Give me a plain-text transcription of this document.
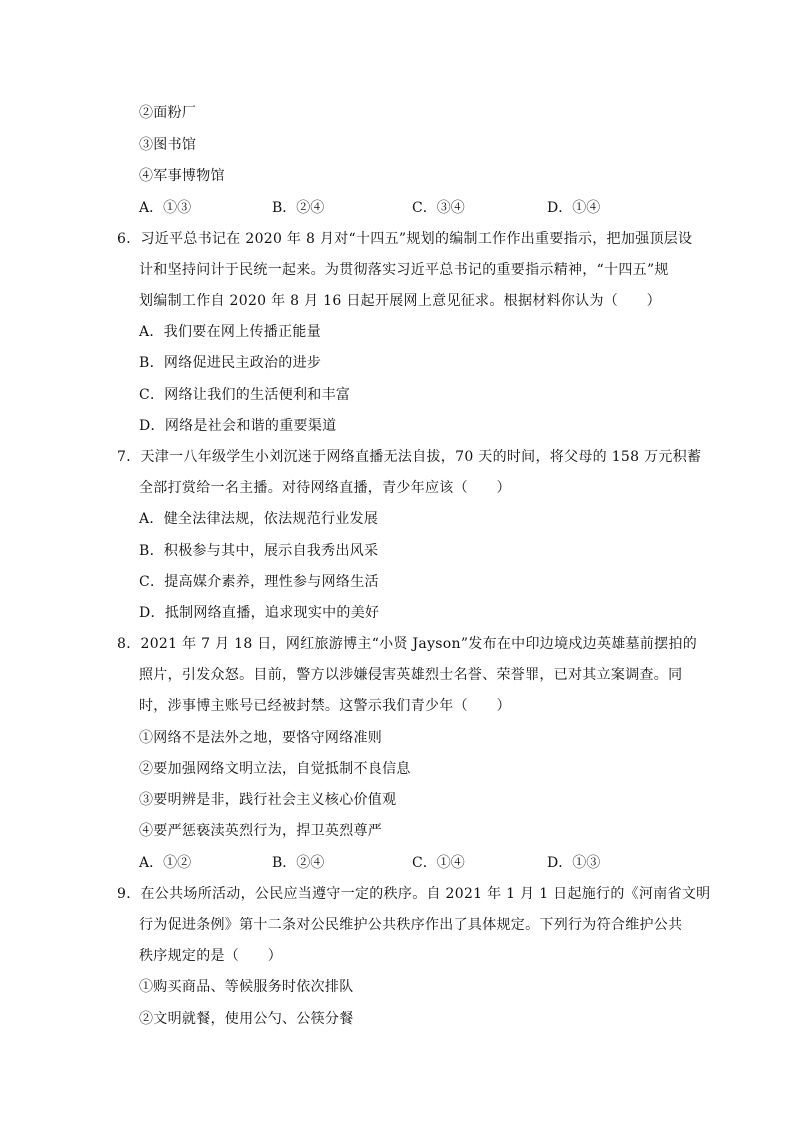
②面粉厂
③图书馆
④军事博物馆
A．①③	B．②④	C．③④	D．①④
6．习近平总书记在 2020 年 8 月对“十四五”规划的编制工作作出重要指示，把加强顶层设
计和坚持问计于民统一起来。为贯彻落实习近平总书记的重要指示精神，“十四五”规
划编制工作自 2020 年 8 月 16 日起开展网上意见征求。根据材料你认为（　　）
A．我们要在网上传播正能量
B．网络促进民主政治的进步
C．网络让我们的生活便利和丰富
D．网络是社会和谐的重要渠道
7．天津一八年级学生小刘沉迷于网络直播无法自拔，70 天的时间，将父母的 158 万元积蓄
全部打赏给一名主播。对待网络直播，青少年应该（　　）
A．健全法律法规，依法规范行业发展
B．积极参与其中，展示自我秀出风采
C．提高媒介素养，理性参与网络生活
D．抵制网络直播，追求现实中的美好
8．2021 年 7 月 18 日，网红旅游博主“小贤 Jayson”发布在中印边境戍边英雄墓前摆拍的
照片，引发众怒。目前，警方以涉嫌侵害英雄烈士名誉、荣誉罪，已对其立案调查。同
时，涉事博主账号已经被封禁。这警示我们青少年（　　）
①网络不是法外之地，要恪守网络准则
②要加强网络文明立法，自觉抵制不良信息
③要明辨是非，践行社会主义核心价值观
④要严惩亵渎英烈行为，捍卫英烈尊严
A．①②	B．②④	C．①④	D．①③
9．在公共场所活动，公民应当遵守一定的秩序。自 2021 年 1 月 1 日起施行的《河南省文明
行为促进条例》第十二条对公民维护公共秩序作出了具体规定。下列行为符合维护公共
秩序规定的是（　　）
①购买商品、等候服务时依次排队
②文明就餐，使用公勺、公筷分餐
